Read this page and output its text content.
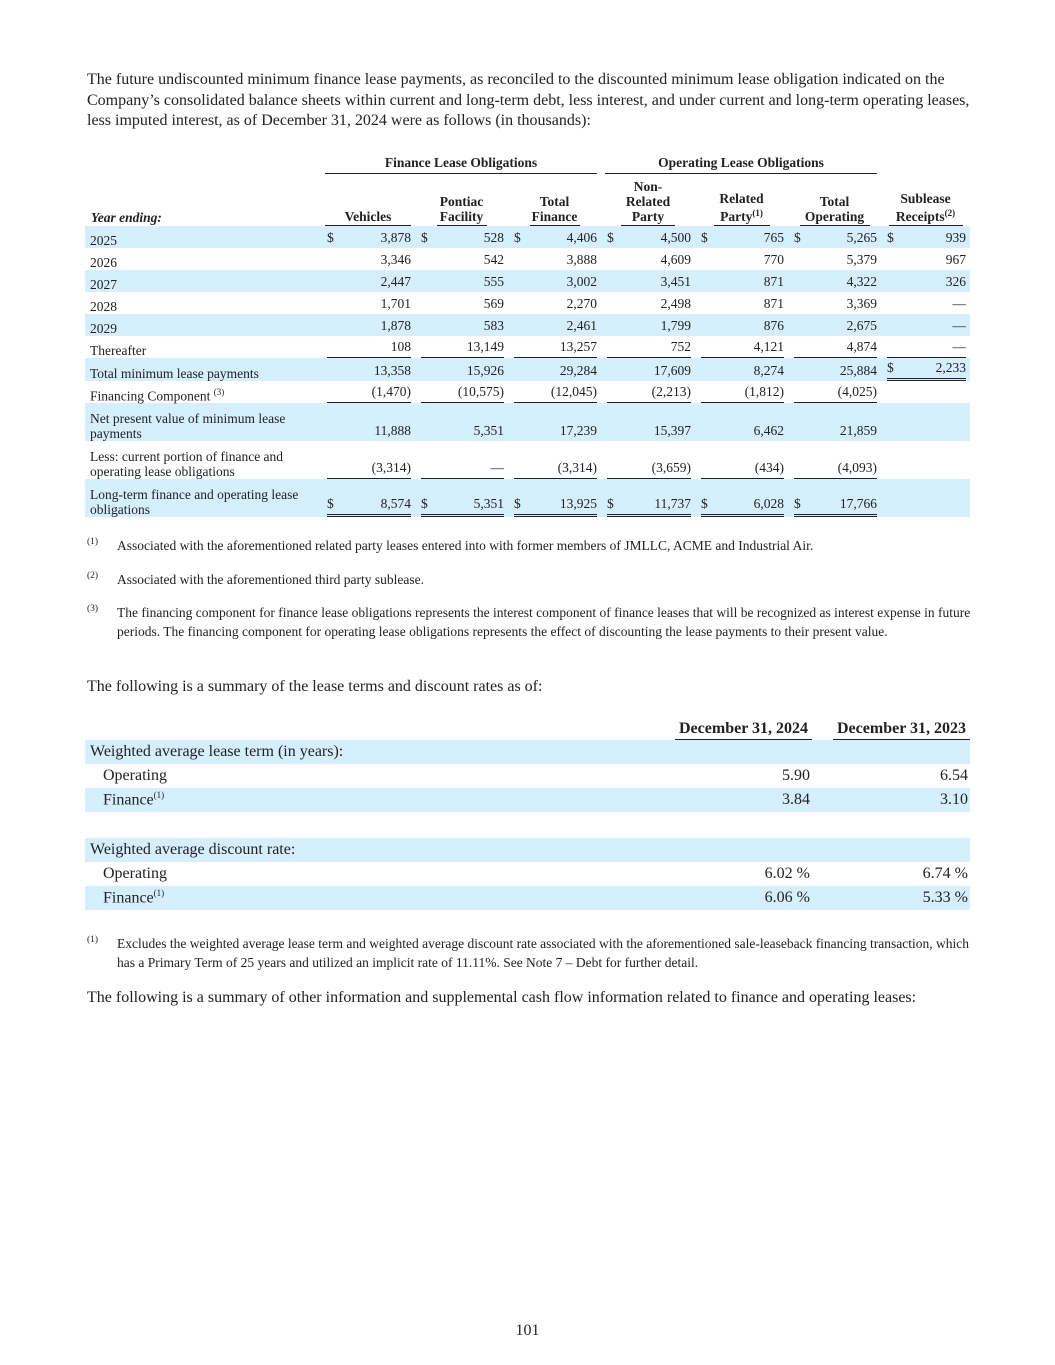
The future undiscounted minimum finance lease payments, as reconciled to the discounted minimum lease obligation indicated on the Company’s consolidated balance sheets within current and long-term debt, less interest, and under current and long-term operating leases, less imputed interest, as of December 31, 2024 were as follows (in thousands):

	Finance Lease Obligations			Operating Lease Obligations			

Year ending:	Vehicles	Pontiac Facility	Total Finance	Non- Related Party	Related Party$^{(1)}$	Total Operating	Sublease Receipts$^{(2)}$

2025	$ 3,878	$ 528	$ 4,406	$ 4,500	$ 765	$ 5,265	$ 939

2026	3,346	542	3,888	4,609	770	5,379	967

2027	2,447	555	3,002	3,451	871	4,322	326

2028	1,701	569	2,270	2,498	871	3,369	—

2029	1,878	583	2,461	1,799	876	2,675	—

Thereafter	108	13,149	13,257	752	4,121	4,874	—

Total minimum lease payments	13,358	15,926	29,284	17,609	8,274	25,884	$ 2,233

Financing Component $^{(3)}$	(1,470)	(10,575)	(12,045)	(2,213)	(1,812)	(4,025)	

Net present value of minimum lease payments	11,888	5,351	17,239	15,397	6,462	21,859	

Less: current portion of finance and operating lease obligations	(3,314)	—	(3,314)	(3,659)	(434)	(4,093)	

Long-term finance and operating lease obligations	$ 8,574	$ 5,351	$ 13,925	$ 11,737	$ 6,028	$ 17,766	

(1) Associated with the aforementioned related party leases entered into with former members of JMLLC, ACME and Industrial Air.
(2) Associated with the aforementioned third party sublease.
(3) The financing component for finance lease obligations represents the interest component of finance leases that will be recognized as interest expense in future periods. The financing component for operating lease obligations represents the effect of discounting the lease payments to their present value.
The following is a summary of the lease terms and discount rates as of:
	December 31, 2024	December 31, 2023
Weighted average lease term (in years):		
Operating	5.90	6.54
Finance$^{(1)}$	3.84	3.10

Weighted average discount rate:		
Operating	6.02 %	6.74 %
Finance$^{(1)}$	6.06 %	5.33 %
(1) Excludes the weighted average lease term and weighted average discount rate associated with the aforementioned sale-leaseback financing transaction, which has a Primary Term of 25 years and utilized an implicit rate of 11.11%. See Note 7 – Debt for further detail.
The following is a summary of other information and supplemental cash flow information related to finance and operating leases:
101
